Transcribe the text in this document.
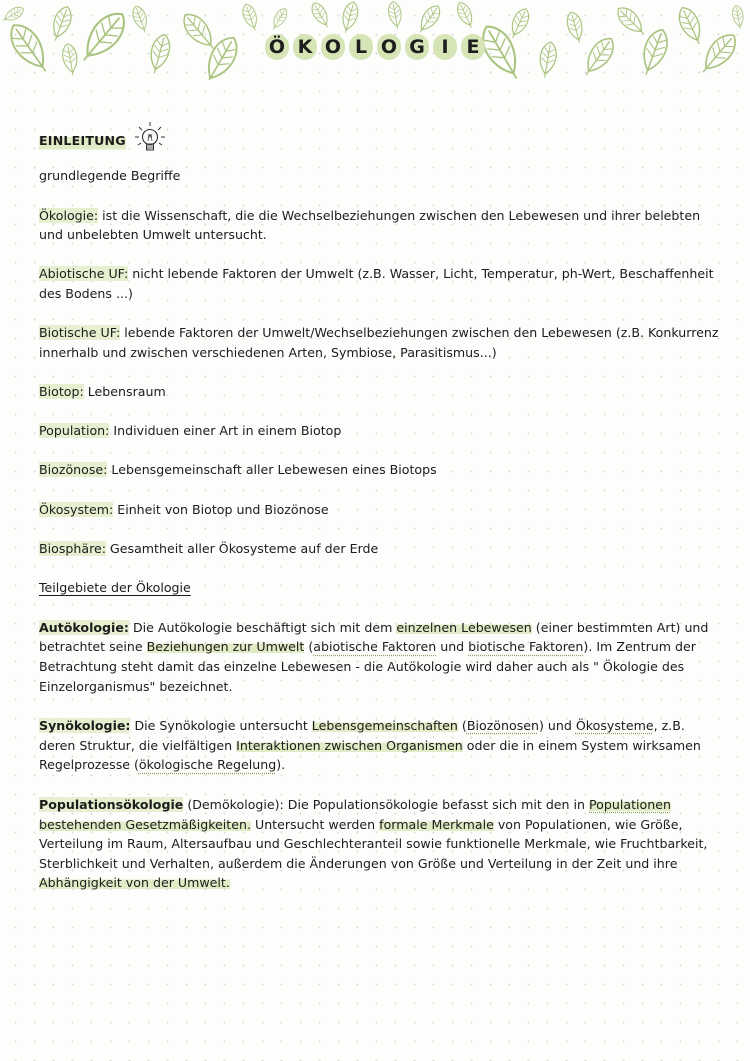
Ö K O L O G I E
EINLEITUNG

grundlegende Begriffe

Ökologie: ist die Wissenschaft, die die Wechselbeziehungen zwischen den Lebewesen und ihrer belebten und unbelebten Umwelt untersucht.

Abiotische UF: nicht lebende Faktoren der Umwelt (z.B. Wasser, Licht, Temperatur, ph-Wert, Beschaffenheit des Bodens ...)

Biotische UF: lebende Faktoren der Umwelt/Wechselbeziehungen zwischen den Lebewesen (z.B. Konkurrenz innerhalb und zwischen verschiedenen Arten, Symbiose, Parasitismus...)

Biotop: Lebensraum

Population: Individuen einer Art in einem Biotop

Biozönose: Lebensgemeinschaft aller Lebewesen eines Biotops

Ökosystem: Einheit von Biotop und Biozönose

Biosphäre: Gesamtheit aller Ökosysteme auf der Erde

Teilgebiete der Ökologie

Autökologie: Die Autökologie beschäftigt sich mit dem einzelnen Lebewesen (einer bestimmten Art) und betrachtet seine Beziehungen zur Umwelt (abiotische Faktoren und biotische Faktoren). Im Zentrum der Betrachtung steht damit das einzelne Lebewesen - die Autökologie wird daher auch als " Ökologie des Einzelorganismus" bezeichnet.

Synökologie: Die Synökologie untersucht Lebensgemeinschaften (Biozönosen) und Ökosysteme, z.B. deren Struktur, die vielfältigen Interaktionen zwischen Organismen oder die in einem System wirksamen Regelprozesse (ökologische Regelung).

Populationsökologie (Demökologie): Die Populationsökologie befasst sich mit den in Populationen bestehenden Gesetzmäßigkeiten. Untersucht werden formale Merkmale von Populationen, wie Größe, Verteilung im Raum, Altersaufbau und Geschlechteranteil sowie funktionelle Merkmale, wie Fruchtbarkeit, Sterblichkeit und Verhalten, außerdem die Änderungen von Größe und Verteilung in der Zeit und ihre Abhängigkeit von der Umwelt.
